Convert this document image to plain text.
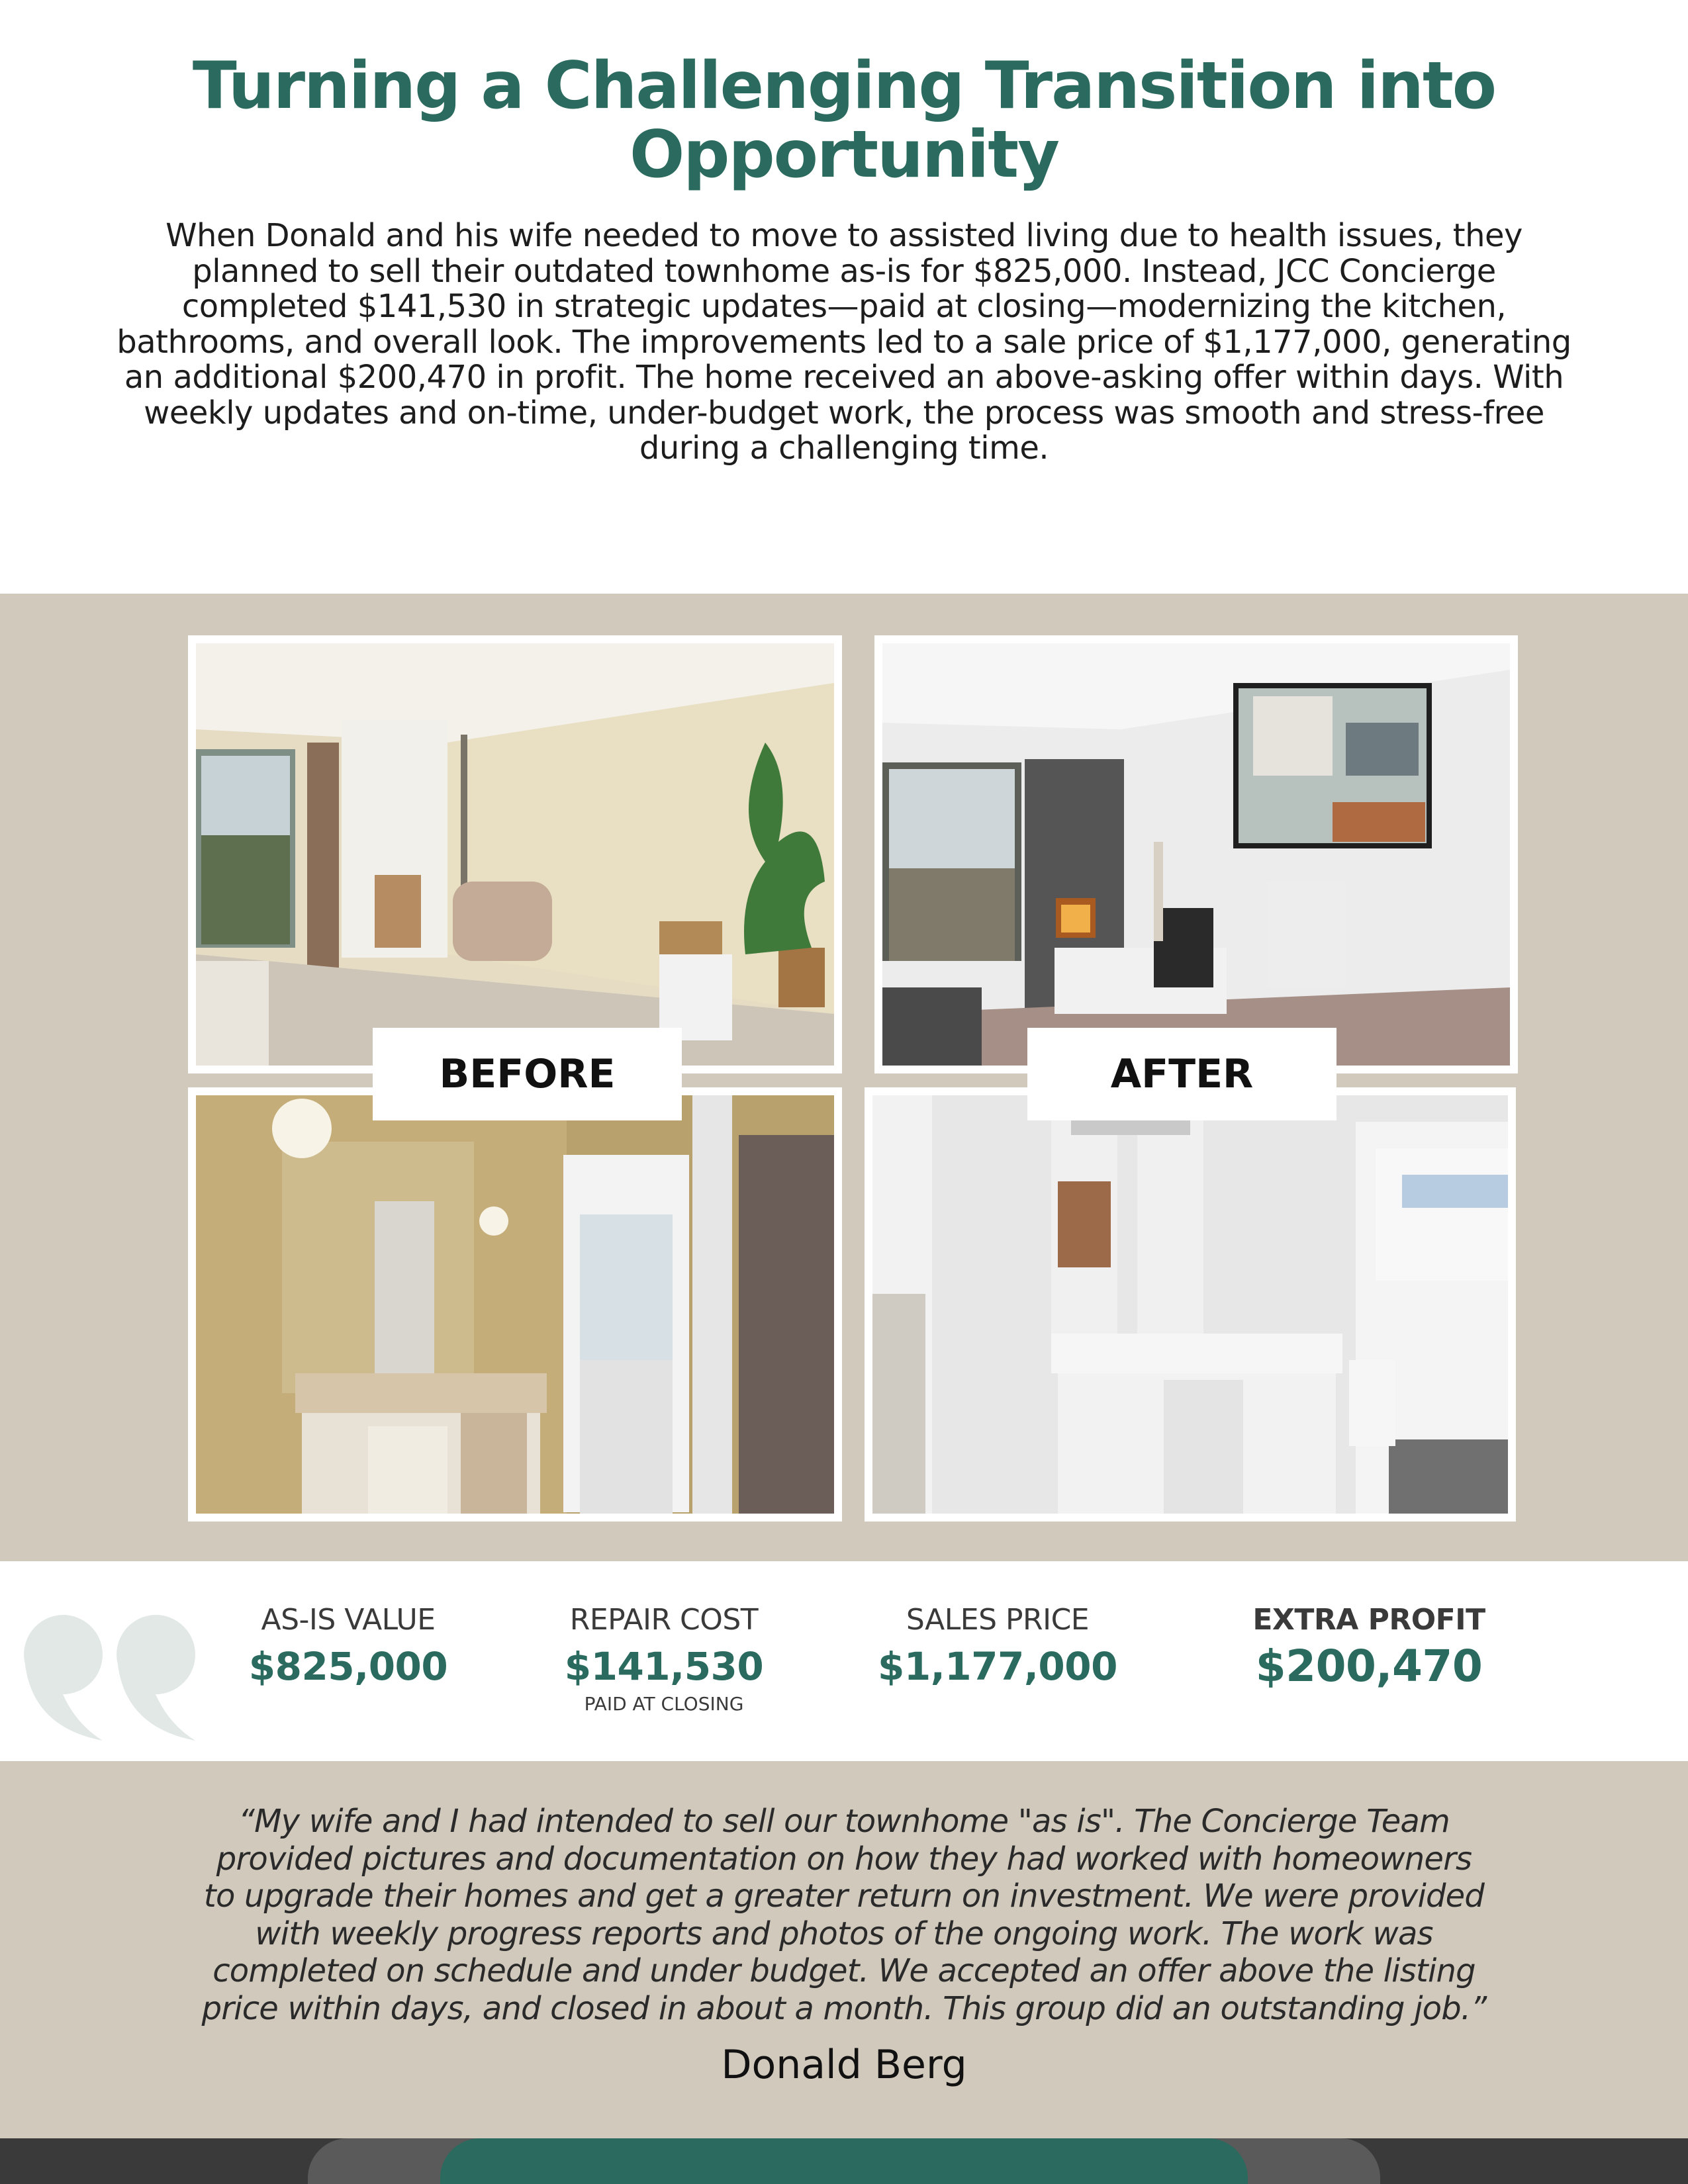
Turning a Challenging Transition into Opportunity

When Donald and his wife needed to move to assisted living due to health issues, they planned to sell their outdated townhome as-is for $825,000. Instead, JCC Concierge completed $141,530 in strategic updates—paid at closing—modernizing the kitchen, bathrooms, and overall look. The improvements led to a sale price of $1,177,000, generating an additional $200,470 in profit. The home received an above-asking offer within days. With weekly updates and on-time, under-budget work, the process was smooth and stress-free during a challenging time.

BEFORE	AFTER
AS-IS VALUE
$825,000
REPAIR COST
$141,530
PAID AT CLOSING
SALES PRICE
$1,177,000
EXTRA PROFIT
$200,470

“My wife and I had intended to sell our townhome "as is". The Concierge Team provided pictures and documentation on how they had worked with homeowners to upgrade their homes and get a greater return on investment. We were provided with weekly progress reports and photos of the ongoing work. The work was completed on schedule and under budget. We accepted an offer above the listing price within days, and closed in about a month. This group did an outstanding job.”

Donald Berg
